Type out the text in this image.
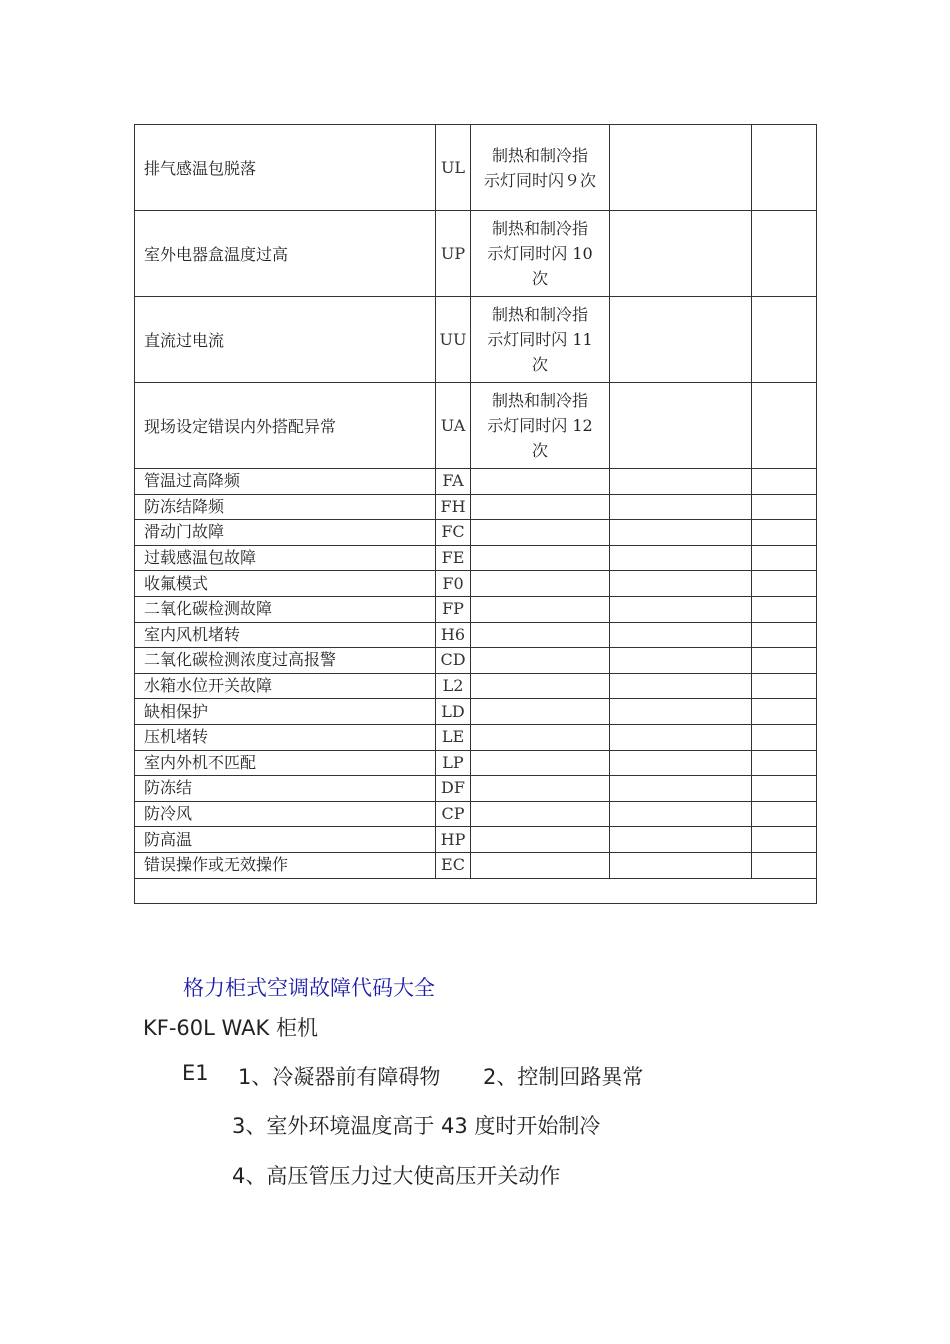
排气感温包脱落	UL	制热和制冷指
示灯同时闪９次		

室外电器盒温度过高	UP	制热和制冷指
示灯同时闪 10
次		

直流过电流	UU	制热和制冷指
示灯同时闪 11
次		

现场设定错误内外搭配异常	UA	制热和制冷指
示灯同时闪 12
次		

管温过高降频	FA			
防冻结降频	FH			
滑动门故障	FC			
过载感温包故障	FE			
收氟模式	F0			
二氧化碳检测故障	FP			
室内风机堵转	H6			
二氧化碳检测浓度过高报警	CD			
水箱水位开关故障	L2			
缺相保护	LD			
压机堵转	LE			
室内外机不匹配	LP			
防冻结	DF			
防冷风	CP			
防高温	HP			
错误操作或无效操作	EC			

格力柜式空调故障代码大全
KF-60L WAK 柜机
E1 1、冷凝器前有障碍物 2、控制回路異常
3、室外环境温度高于 43 度时开始制冷
4、高压管压力过大使高压开关动作
